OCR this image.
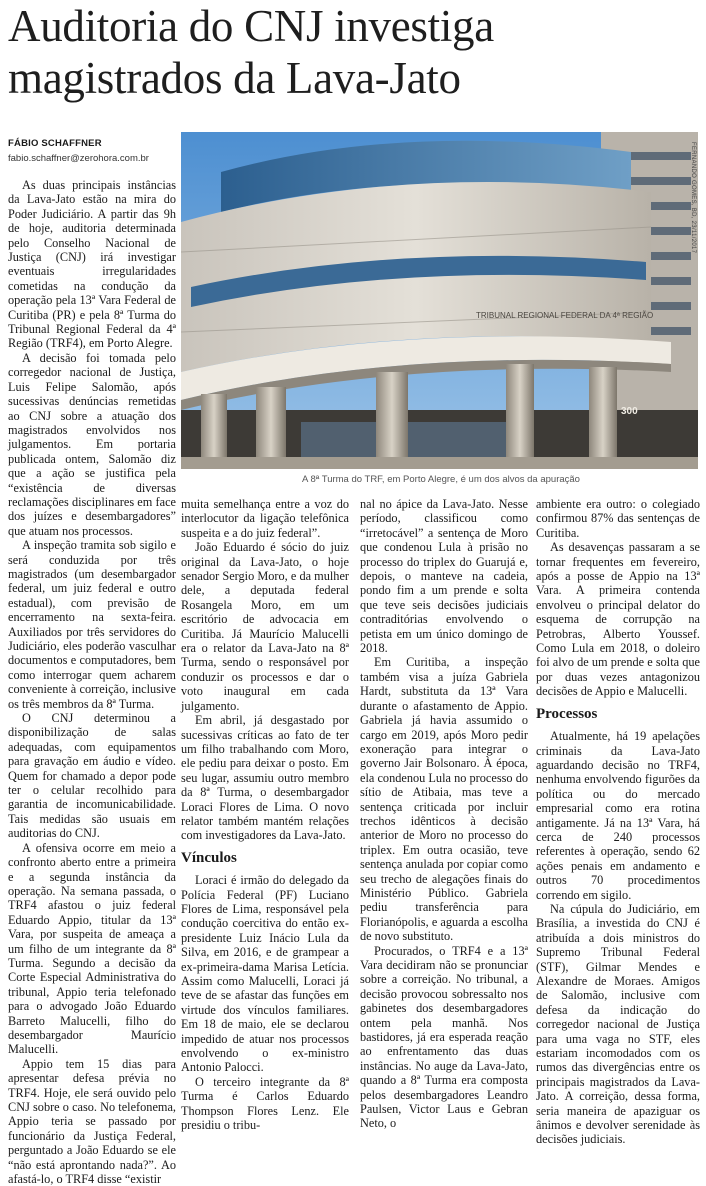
Auditoria do CNJ investiga magistrados da Lava-Jato
FÁBIO SCHAFFNER
fabio.schaffner@zerohora.com.br

As duas principais instâncias da Lava-Jato estão na mira do Poder Judiciário. A partir das 9h de hoje, auditoria determinada pelo Conselho Nacional de Justiça (CNJ) irá investigar eventuais irregularidades cometidas na condução da operação pela 13ª Vara Federal de Curitiba (PR) e pela 8ª Turma do Tribunal Regional Federal da 4ª Região (TRF4), em Porto Alegre.

A decisão foi tomada pelo corregedor nacional de Justiça, Luis Felipe Salomão, após sucessivas denúncias remetidas ao CNJ sobre a atuação dos magistrados envolvidos nos julgamentos. Em portaria publicada ontem, Salomão diz que a ação se justifica pela “existência de diversas reclamações disciplinares em face dos juízes e desembargadores” que atuam nos processos.

A inspeção tramita sob sigilo e será conduzida por três magistrados (um desembargador federal, um juiz federal e outro estadual), com previsão de encerramento na sexta-feira. Auxiliados por três servidores do Judiciário, eles poderão vasculhar documentos e computadores, bem como interrogar quem acharem conveniente à correição, inclusive os três membros da 8ª Turma.

O CNJ determinou a disponibilização de salas adequadas, com equipamentos para gravação em áudio e vídeo. Quem for chamado a depor pode ter o celular recolhido para garantia de incomunicabilidade. Tais medidas são usuais em auditorias do CNJ.

A ofensiva ocorre em meio a confronto aberto entre a primeira e a segunda instância da operação. Na semana passada, o TRF4 afastou o juiz federal Eduardo Appio, titular da 13ª Vara, por suspeita de ameaça a um filho de um integrante da 8ª Turma. Segundo a decisão da Corte Especial Administrativa do tribunal, Appio teria telefonado para o advogado João Eduardo Barreto Malucelli, filho do desembargador Maurício Malucelli.

Appio tem 15 dias para apresentar defesa prévia no TRF4. Hoje, ele será ouvido pelo CNJ sobre o caso. No telefonema, Appio teria se passado por funcionário da Justiça Federal, perguntado a João Eduardo se ele “não está aprontando nada?”. Ao afastá-lo, o TRF4 disse “existir

TRIBUNAL REGIONAL FEDERAL DA 4ª REGIÃO
300
FERNANDO GOMES, BD, 23/11/2017
A 8ª Turma do TRF, em Porto Alegre, é um dos alvos da apuração

muita semelhança entre a voz do interlocutor da ligação telefônica suspeita e a do juiz federal”.

João Eduardo é sócio do juiz original da Lava-Jato, o hoje senador Sergio Moro, e da mulher dele, a deputada federal Rosangela Moro, em um escritório de advocacia em Curitiba. Já Maurício Malucelli era o relator da Lava-Jato na 8ª Turma, sendo o responsável por conduzir os processos e dar o voto inaugural em cada julgamento.

Em abril, já desgastado por sucessivas críticas ao fato de ter um filho trabalhando com Moro, ele pediu para deixar o posto. Em seu lugar, assumiu outro membro da 8ª Turma, o desembargador Loraci Flores de Lima. O novo relator também mantém relações com investigadores da Lava-Jato.

Vínculos

Loraci é irmão do delegado da Polícia Federal (PF) Luciano Flores de Lima, responsável pela condução coercitiva do então ex-presidente Luiz Inácio Lula da Silva, em 2016, e de grampear a ex-primeira-dama Marisa Letícia. Assim como Malucelli, Loraci já teve de se afastar das funções em virtude dos vínculos familiares. Em 18 de maio, ele se declarou impedido de atuar nos processos envolvendo o ex-ministro Antonio Palocci.

O terceiro integrante da 8ª Turma é Carlos Eduardo Thompson Flores Lenz. Ele presidiu o tribu-

nal no ápice da Lava-Jato. Nesse período, classificou como “irretocável” a sentença de Moro que condenou Lula à prisão no processo do triplex do Guarujá e, depois, o manteve na cadeia, pondo fim a um prende e solta que teve seis decisões judiciais contraditórias envolvendo o petista em um único domingo de 2018.

Em Curitiba, a inspeção também visa a juíza Gabriela Hardt, substituta da 13ª Vara durante o afastamento de Appio. Gabriela já havia assumido o cargo em 2019, após Moro pedir exoneração para integrar o governo Jair Bolsonaro. À época, ela condenou Lula no processo do sítio de Atibaia, mas teve a sentença criticada por incluir trechos idênticos à decisão anterior de Moro no processo do triplex. Em outra ocasião, teve sentença anulada por copiar como seu trecho de alegações finais do Ministério Público. Gabriela pediu transferência para Florianópolis, e aguarda a escolha de novo substituto.

Procurados, o TRF4 e a 13ª Vara decidiram não se pronunciar sobre a correição. No tribunal, a decisão provocou sobressalto nos gabinetes dos desembargadores ontem pela manhã. Nos bastidores, já era esperada reação ao enfrentamento das duas instâncias. No auge da Lava-Jato, quando a 8ª Turma era composta pelos desembargadores Leandro Paulsen, Victor Laus e Gebran Neto, o

ambiente era outro: o colegiado confirmou 87% das sentenças de Curitiba.

As desavenças passaram a se tornar frequentes em fevereiro, após a posse de Appio na 13ª Vara. A primeira contenda envolveu o principal delator do esquema de corrupção na Petrobras, Alberto Youssef. Como Lula em 2018, o doleiro foi alvo de um prende e solta que por duas vezes antagonizou decisões de Appio e Malucelli.

Processos

Atualmente, há 19 apelações criminais da Lava-Jato aguardando decisão no TRF4, nenhuma envolvendo figurões da política ou do mercado empresarial como era rotina antigamente. Já na 13ª Vara, há cerca de 240 processos referentes à operação, sendo 62 ações penais em andamento e outros 70 procedimentos correndo em sigilo.

Na cúpula do Judiciário, em Brasília, a investida do CNJ é atribuída a dois ministros do Supremo Tribunal Federal (STF), Gilmar Mendes e Alexandre de Moraes. Amigos de Salomão, inclusive com defesa da indicação do corregedor nacional de Justiça para uma vaga no STF, eles estariam incomodados com os rumos das divergências entre os principais magistrados da Lava-Jato. A correição, dessa forma, seria maneira de apaziguar os ânimos e devolver serenidade às decisões judiciais.
